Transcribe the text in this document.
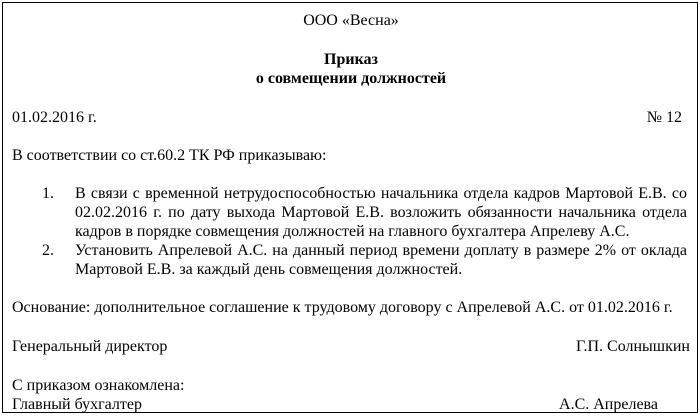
ООО «Весна»

Приказ

о совмещении должностей

01.02.2016 г.	№ 12
В соответствии со ст.60.2 ТК РФ приказываю:
1.	В связи с временной нетрудоспособностью начальника отдела кадров Мартовой Е.В. со 02.02.2016 г. по дату выхода Мартовой Е.В. возложить обязанности начальника отдела кадров в порядке совмещения должностей на главного бухгалтера Апрелеву А.С.
2.	Установить Апрелевой А.С. на данный период времени доплату в размере 2% от оклада Мартовой Е.В. за каждый день совмещения должностей.
Основание: дополнительное соглашение к трудовому договору с Апрелевой А.С. от 01.02.2016 г.
Генеральный директор	Г.П. Солнышкин
С приказом ознакомлена:
Главный бухгалтер	А.С. Апрелева
